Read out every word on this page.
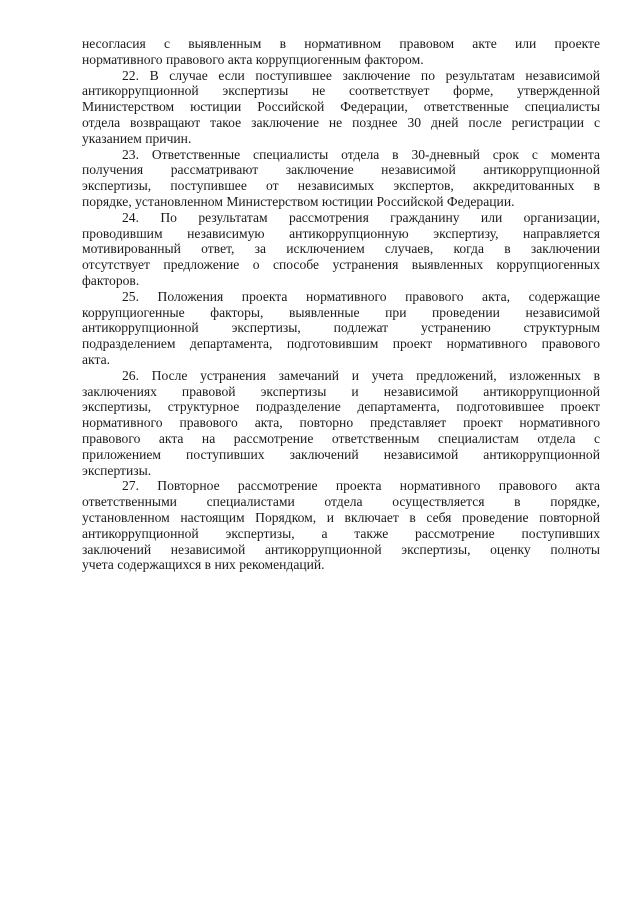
несогласия с выявленным в нормативном правовом акте или проекте
нормативного правового акта коррупциогенным фактором.
22. В случае если поступившее заключение по результатам независимой
антикоррупционной экспертизы не соответствует форме, утвержденной
Министерством юстиции Российской Федерации, ответственные специалисты
отдела возвращают такое заключение не позднее 30 дней после регистрации с
указанием причин.
23. Ответственные специалисты отдела в 30-дневный срок с момента
получения рассматривают заключение независимой антикоррупционной
экспертизы, поступившее от независимых экспертов, аккредитованных в
порядке, установленном Министерством юстиции Российской Федерации.
24. По результатам рассмотрения гражданину или организации,
проводившим независимую антикоррупционную экспертизу, направляется
мотивированный ответ, за исключением случаев, когда в заключении
отсутствует предложение о способе устранения выявленных коррупциогенных
факторов.
25. Положения проекта нормативного правового акта, содержащие
коррупциогенные факторы, выявленные при проведении независимой
антикоррупционной экспертизы, подлежат устранению структурным
подразделением департамента, подготовившим проект нормативного правового
акта.
26. После устранения замечаний и учета предложений, изложенных в
заключениях правовой экспертизы и независимой антикоррупционной
экспертизы, структурное подразделение департамента, подготовившее проект
нормативного правового акта, повторно представляет проект нормативного
правового акта на рассмотрение ответственным специалистам отдела с
приложением поступивших заключений независимой антикоррупционной
экспертизы.
27. Повторное рассмотрение проекта нормативного правового акта
ответственными специалистами отдела осуществляется в порядке,
установленном настоящим Порядком, и включает в себя проведение повторной
антикоррупционной экспертизы, а также рассмотрение поступивших
заключений независимой антикоррупционной экспертизы, оценку полноты
учета содержащихся в них рекомендаций.
